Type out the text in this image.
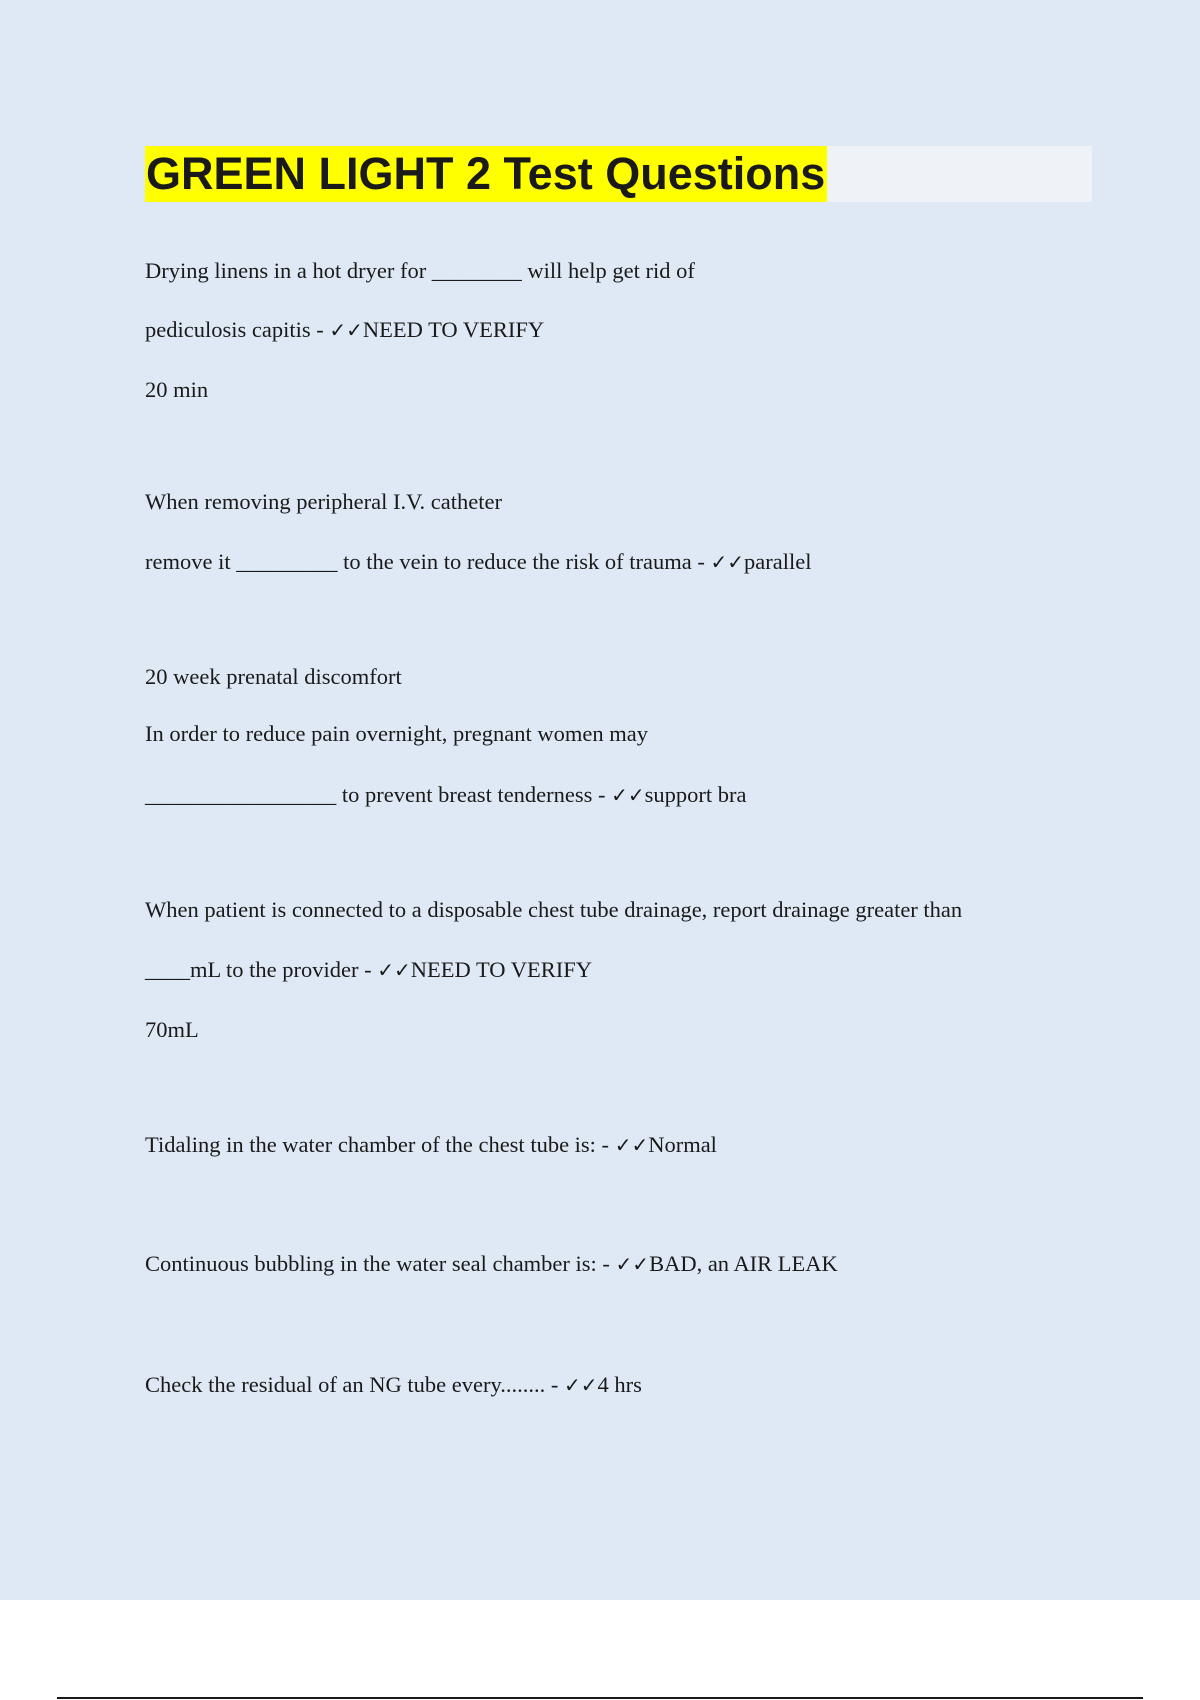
GREEN LIGHT 2 Test Questions
Drying linens in a hot dryer for ________ will help get rid of
pediculosis capitis - ✓✓NEED TO VERIFY
20 min
When removing peripheral I.V. catheter
remove it _________ to the vein to reduce the risk of trauma - ✓✓parallel
20 week prenatal discomfort
In order to reduce pain overnight, pregnant women may
_________________ to prevent breast tenderness - ✓✓support bra
When patient is connected to a disposable chest tube drainage, report drainage greater than
____mL to the provider - ✓✓NEED TO VERIFY
70mL
Tidaling in the water chamber of the chest tube is: - ✓✓Normal
Continuous bubbling in the water seal chamber is: - ✓✓BAD, an AIR LEAK
Check the residual of an NG tube every........ - ✓✓4 hrs
